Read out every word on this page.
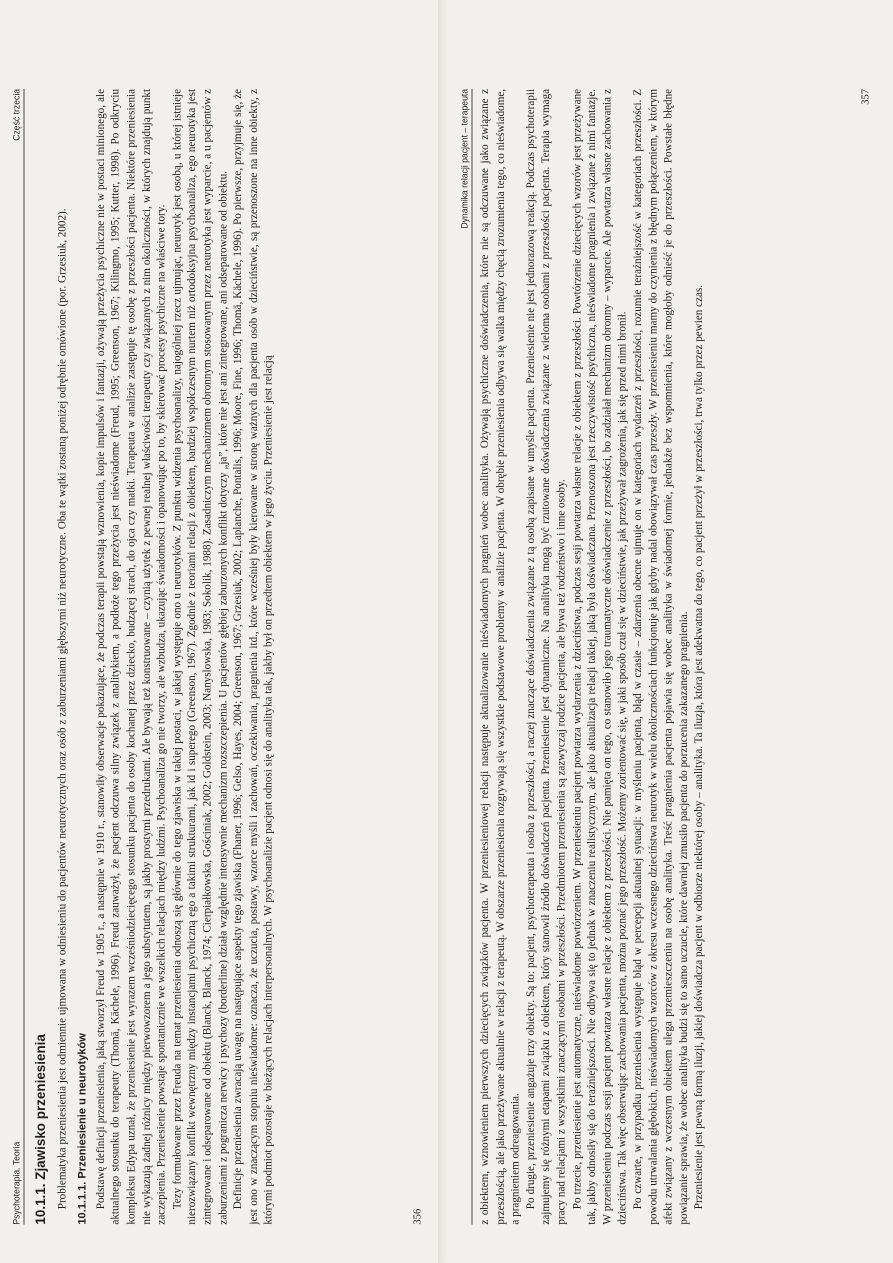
Psychoterapia. Teoria
Część trzecia
10.1.1. Zjawisko przeniesienia Problematyka przeniesienia jest odmiennie ujmowana w odniesieniu do pacjentów neurotycznych oraz osób z zaburzeniami głębszymi niż neurotyczne. Oba te wątki zostaną poniżej odrębnie omówione (por. Grzesiuk, 2002). 10.1.1.1. Przeniesienie u neurotyków Podstawę definicji przeniesienia, jaką stworzył Freud w 1905 r., a następnie w 1910 r., stanowiły obserwacje pokazujące, że podczas terapii powstają wznowienia, kopie impulsów i fantazji, ożywają przeżycia psychiczne nie w postaci minionego, ale aktualnego stosunku do terapeuty (Thomä, Kächele, 1996). Freud zauważył, że pacjent odczuwa silny związek z analitykiem, a podłoże tego przeżycia jest nieświadome (Freud, 1995; Greenson, 1967; Kilingmo, 1995; Kutter, 1998). Po odkryciu kompleksu Edypa uznał, że przeniesienie jest wyrazem wcześniodziecięcego stosunku pacjenta do osoby kochanej przez dziecko, budzącej strach, do ojca czy matki. Terapeuta w analizie zastępuje tę osobę z przeszłości pacjenta. Niektóre przeniesienia nie wykazują żadnej różnicy między pierwowzorem a jego substytutem, są jakby prostymi przedrukami. Ale bywają też konstruowane – czynią użytek z pewnej realnej właściwości terapeuty czy związanych z nim okoliczności, w których znajdują punkt zaczepienia. Przeniesienie powstaje spontanicznie we wszelkich relacjach między ludźmi. Psychoanaliza go nie tworzy, ale wzbudza, ukazując świadomości i opanowując po to, by skierować procesy psychiczne na właściwe tory. Tezy formułowane przez Freuda na temat przeniesienia odnoszą się głównie do tego zjawiska w takiej postaci, w jakiej występuje ono u neurotyków. Z punktu widzenia psychoanalizy, najogólniej rzecz ujmując, neurotyk jest osobą, u której istnieje nierozwiązany konflikt wewnętrzny między instancjami psychiczną ego a takimi strukturami, jak id i superego (Greenson, 1967). Zgodnie z teoriami relacji z obiektem, bardziej współczesnym nurtem niż ortodoksyjna psychoanaliza, ego neurotyka jest zintegrowane i odseparowane od obiektu (Blanck, Blanck, 1974; Cierpiałkowska, Gościniak, 2002; Goldstein, 2003; Nanyslowska, 1983; Sokolik, 1988). Zasadniczym mechanizmem obronnym stosowanym przez neurotyka jest wyparcie, a u pacjentów z zaburzeniami z pogranicza nerwicy i psychozy (borderline) działa względnie intensywnie mechanizm rozszczepienia. U pacjentów głębiej zaburzonych konflikt dotyczy „ja”, które nie jest ani zintegrowane, ani odseparowane od obiektu. Definicje przeniesienia zwracają uwagę na następujące aspekty tego zjawiska (Fhaner, 1996; Gelso, Hayes, 2004; Greenson, 1967; Grzesiuk, 2002; Laplanche, Pontalis, 1996; Moore, Fine, 1996; Thomä, Kächele, 1996). Po pierwsze, przyjmuje się, że jest ono w znaczącym stopniu nieświadome: oznacza, że uczucia, postawy, wzorce myśli i zachowań, oczekiwania, pragnienia itd., które wcześniej były kierowane w stronę ważnych dla pacjenta osób w dzieciństwie, są przenoszone na inne obiekty, z którymi podmiot pozostaje w bieżących relacjach interpersonalnych. W psychoanalizie pacjent odnosi się do analityka tak, jakby był on przedtem obiektem w jego życiu. Przeniesienie jest relacją	356
Dynamika relacji pacjent – terapeuta z obiektem, wznowieniem pierwszych dziecięcych związków pacjenta. W przeniesieniowej relacji następuje aktualizowanie nieświadomych pragnień wobec analityka. Ożywają psychiczne doświadczenia, które nie są odczuwane jako związane z przeszłością, ale jako przeżywane aktualnie w relacji z terapeutą. W obszarze przeniesienia rozgrywają się wszystkie podstawowe problemy w analizie pacjenta. W obrębie przeniesienia odbywa się walka między chęcią zrozumienia tego, co nieświadome, a pragnieniem odreagowania. Po drugie, przeniesienie angażuje trzy obiekty. Są to: pacjent, psychoterapeuta i osoba z przeszłości, a raczej znaczące doświadczenia związane z tą osobą zapisane w umyśle pacjenta. Przeniesienie nie jest jednorazową reakcją. Podczas psychoterapii zajmujemy się różnymi etapami związku z obiektem, który stanowił źródło doświadczeń pacjenta. Przeniesienie jest dynamiczne. Na analityka mogą być rzutowane doświadczenia związane z wieloma osobami z przeszłości pacjenta. Terapia wymaga pracy nad relacjami z wszystkimi znaczącymi osobami w przeszłości. Przedmiotem przeniesienia są zazwyczaj rodzice pacjenta, ale bywa też rodzeństwo i inne osoby. Po trzecie, przeniesienie jest automatyczne, nieświadome powtórzeniem. W przeniesieniu pacjent powtarza wydarzenia z dzieciństwa, podczas sesji powtarza własne relacje z obiektem z przeszłości. Powtórzenie dziecięcych wzorów jest przeżywane tak, jakby odnosiły się do teraźniejszości. Nie odbywa się to jednak w znaczeniu realistycznym, ale jako aktualizacja relacji takiej, jaką była doświadczana. Przenoszona jest rzeczywistość psychiczna, nieświadome pragnienia i związane z nimi fantazje. W przeniesieniu podczas sesji pacjent powtarza własne relacje z obiektem z przeszłości. Nie pamięta on tego, co stanowiło jego traumatyczne doświadczenie z przeszłości, bo zadziałał mechanizm obronny – wyparcie. Ale powtarza własne zachowania z dzieciństwa. Tak więc obserwując zachowania pacjenta, można poznać jego przeszłość. Możemy zorientować się, w jaki sposób czuł się w dzieciństwie, jak przeżywał zagrożenia, jak się przed nimi bronił. Po czwarte, w przypadku przeniesienia występuje błąd w percepcji aktualnej sytuacji: w myśleniu pacjenta, błąd w czasie – zdarzenia obecne ujmuje on w kategoriach wydarzeń z przeszłości, rozumie teraźniejszość w kategoriach przeszłości. Z powodu utrwalania głębokich, nieświadomych wzorców z okresu wczesnego dzieciństwa neurotyk w wielu okolicznościach funkcjonuje jak gdyby nadal obowiązywał czas przeszły. W przeniesieniu mamy do czynienia z błędnym połączeniem, w którym afekt związany z wczesnym obiektem ulega przemieszczeniu na osobę analityka. Treść pragnienia pacjenta pojawia się wobec analityka w świadomej formie, jednakże bez wspomnienia, które mogłoby odnieść je do przeszłości. Powstałe błędne powiązanie sprawia, że wobec analityka budzi się to samo uczucie, które dawniej zmusiło pacjenta do porzucenia zakazanego pragnienia. Przeniesienie jest pewną formą iluzji, jakiej doświadcza pacjent w odbiorze niektórej osoby – analityka. Ta iluzja, która jest adekwatna do tego, co pacjent przeżył w przeszłości, trwa tylko przez pewien czas.

357
